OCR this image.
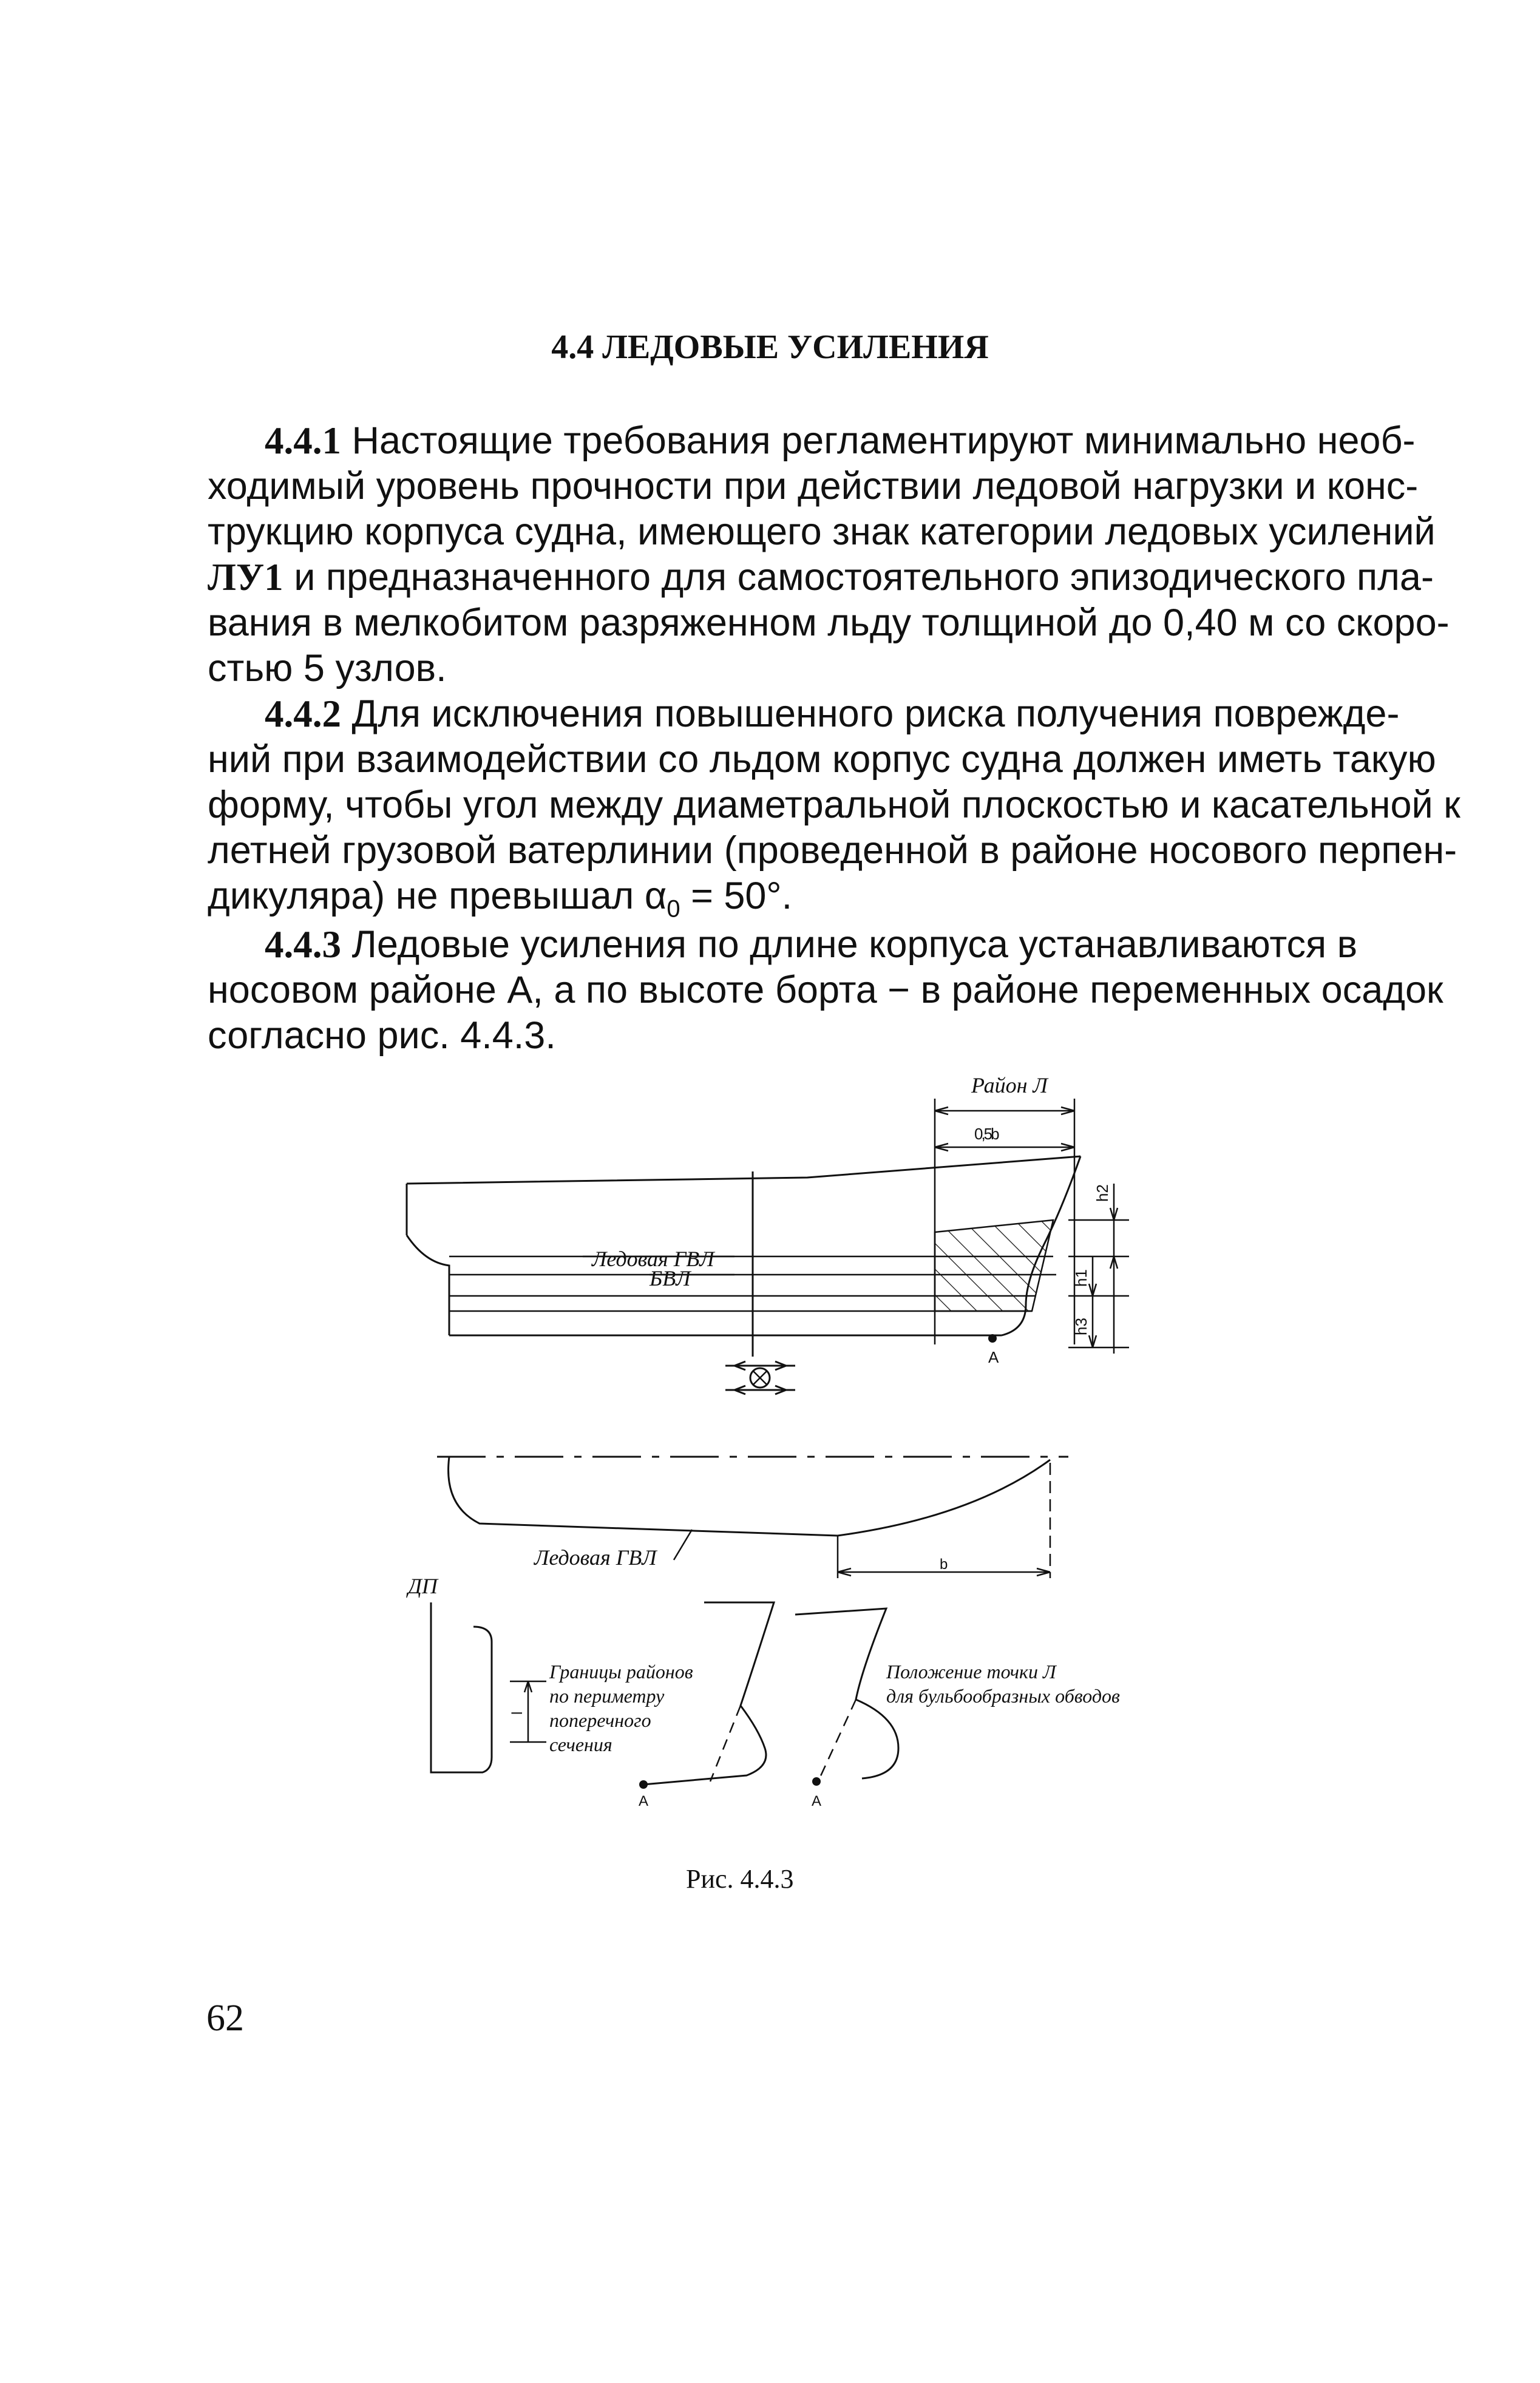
4.4 ЛЕДОВЫЕ УСИЛЕНИЯ
4.4.1 Настоящие требования регламентируют минимально необ-
ходимый уровень прочности при действии ледовой нагрузки и конс-
трукцию корпуса судна, имеющего знак категории ледовых усилений
ЛУ1 и предназначенного для самостоятельного эпизодического пла-
вания в мелкобитом разряженном льду толщиной до 0,40 м со скоро-
стью 5 узлов.
4.4.2 Для исключения повышенного риска получения поврежде-
ний при взаимодействии со льдом корпус судна должен иметь такую
форму, чтобы угол между диаметральной плоскостью и касательной к
летней грузовой ватерлинии (проведенной в районе носового перпен-
дикуляра) не превышал $\alpha_0 = 50^\circ$.
4.4.3 Ледовые усиления по длине корпуса устанавливаются в
носовом районе А, а по высоте борта − в районе переменных осадок
согласно рис. 4.4.3.
Район Л
0,5b
Ледовая ГВЛ
БВЛ
h2
h1
h3
А
Ледовая ГВЛ	b
ДП
l
Границы районов
по периметру
поперечного
сечения
А	А
Положение точки Л
для бульбообразных обводов
Рис. 4.4.3
62
